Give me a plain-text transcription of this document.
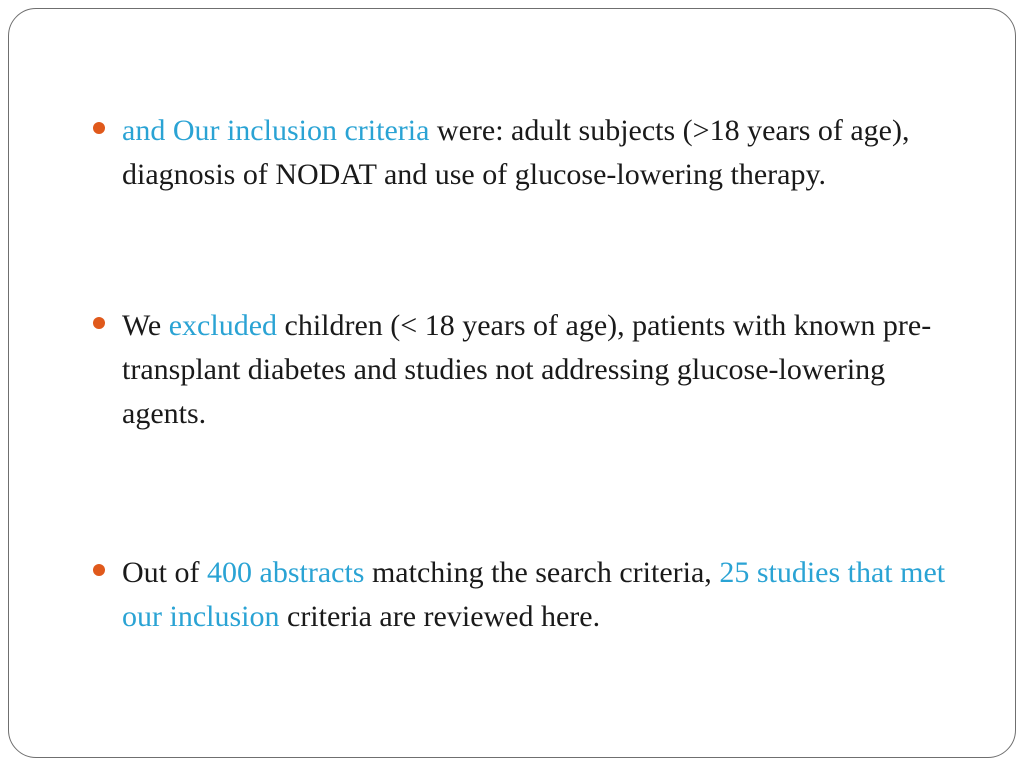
and Our inclusion criteria were: adult subjects (>18 years of age), diagnosis of NODAT and use of glucose-lowering therapy.
We excluded children (< 18 years of age), patients with known pre-transplant diabetes and studies not addressing glucose-lowering agents.
Out of 400 abstracts matching the search criteria, 25 studies that met our inclusion criteria are reviewed here.
